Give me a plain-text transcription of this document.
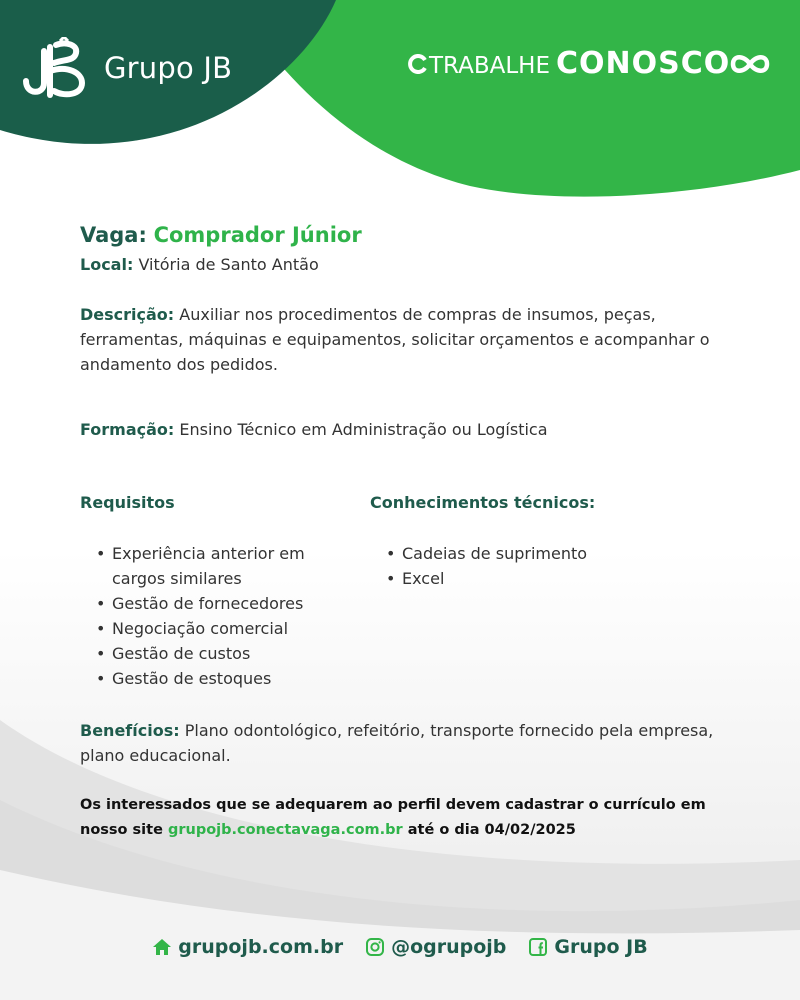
Grupo JB	TRABALHE CONOSCO
Vaga: Comprador Júnior
Local: Vitória de Santo Antão
Descrição: Auxiliar nos procedimentos de compras de insumos, peças, ferramentas, máquinas e equipamentos, solicitar orçamentos e acompanhar o andamento dos pedidos.
Formação: Ensino Técnico em Administração ou Logística
Requisitos	Conhecimentos técnicos:
• Experiência anterior em cargos similares
• Gestão de fornecedores
• Negociação comercial
• Gestão de custos
• Gestão de estoques
• Cadeias de suprimento
• Excel
Benefícios: Plano odontológico, refeitório, transporte fornecido pela empresa, plano educacional.
Os interessados que se adequarem ao perfil devem cadastrar o currículo em nosso site grupojb.conectavaga.com.br até o dia 04/02/2025
grupojb.com.br	@ogrupojb	Grupo JB
